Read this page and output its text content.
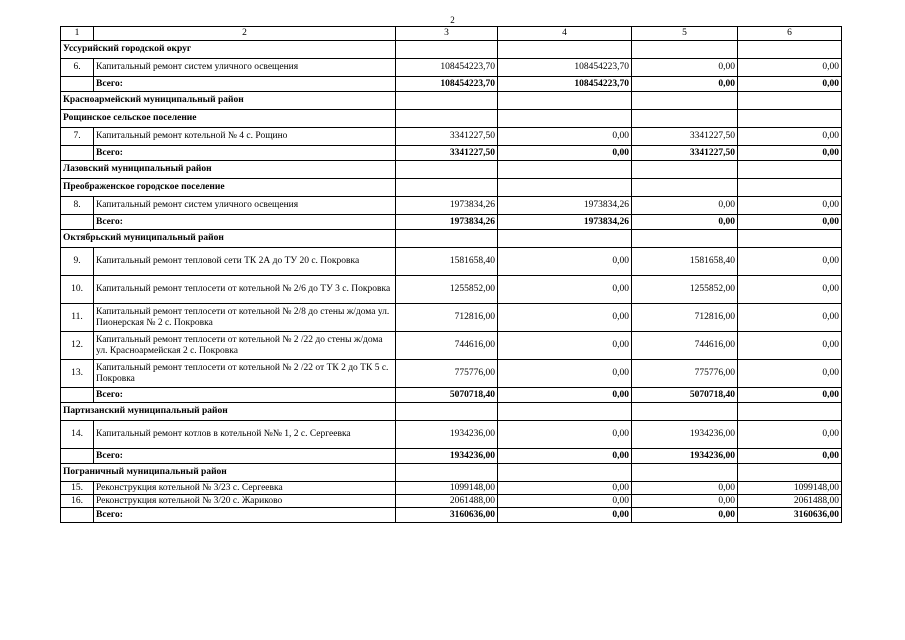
2
1	2	3	4	5	6
Уссурийский городской округ					
6.	Капитальный ремонт систем уличного освещения	108454223,70	108454223,70	0,00	0,00
	Всего:	108454223,70	108454223,70	0,00	0,00
Красноармейский муниципальный район					
Рощинское сельское поселение					
7.	Капитальный ремонт котельной № 4 с. Рощино	3341227,50	0,00	3341227,50	0,00
	Всего:	3341227,50	0,00	3341227,50	0,00
Лазовский муниципальный район					
Преображенское городское поселение					
8.	Капитальный ремонт систем уличного освещения	1973834,26	1973834,26	0,00	0,00
	Всего:	1973834,26	1973834,26	0,00	0,00
Октябрьский муниципальный район					
9.	Капитальный ремонт тепловой сети ТК 2А до ТУ 20 с. Покровка	1581658,40	0,00	1581658,40	0,00
10.	Капитальный ремонт теплосети от котельной № 2/6 до ТУ 3 с. Покровка	1255852,00	0,00	1255852,00	0,00
11.	Капитальный ремонт теплосети от котельной № 2/8 до стены ж/дома ул. Пионерская № 2 с. Покровка	712816,00	0,00	712816,00	0,00
12.	Капитальный ремонт теплосети от котельной № 2 /22 до стены ж/дома ул. Красноармейская 2 с. Покровка	744616,00	0,00	744616,00	0,00
13.	Капитальный ремонт теплосети от котельной № 2 /22 от ТК 2 до ТК 5 с. Покровка	775776,00	0,00	775776,00	0,00
	Всего:	5070718,40	0,00	5070718,40	0,00
Партизанский муниципальный район					
14.	Капитальный ремонт котлов в котельной №№ 1, 2 с. Сергеевка	1934236,00	0,00	1934236,00	0,00
	Всего:	1934236,00	0,00	1934236,00	0,00
Пограничный муниципальный район					
15.	Реконструкция котельной № 3/23 с. Сергеевка	1099148,00	0,00	0,00	1099148,00
16.	Реконструкция котельной № 3/20 с. Жариково	2061488,00	0,00	0,00	2061488,00
	Всего:	3160636,00	0,00	0,00	3160636,00
